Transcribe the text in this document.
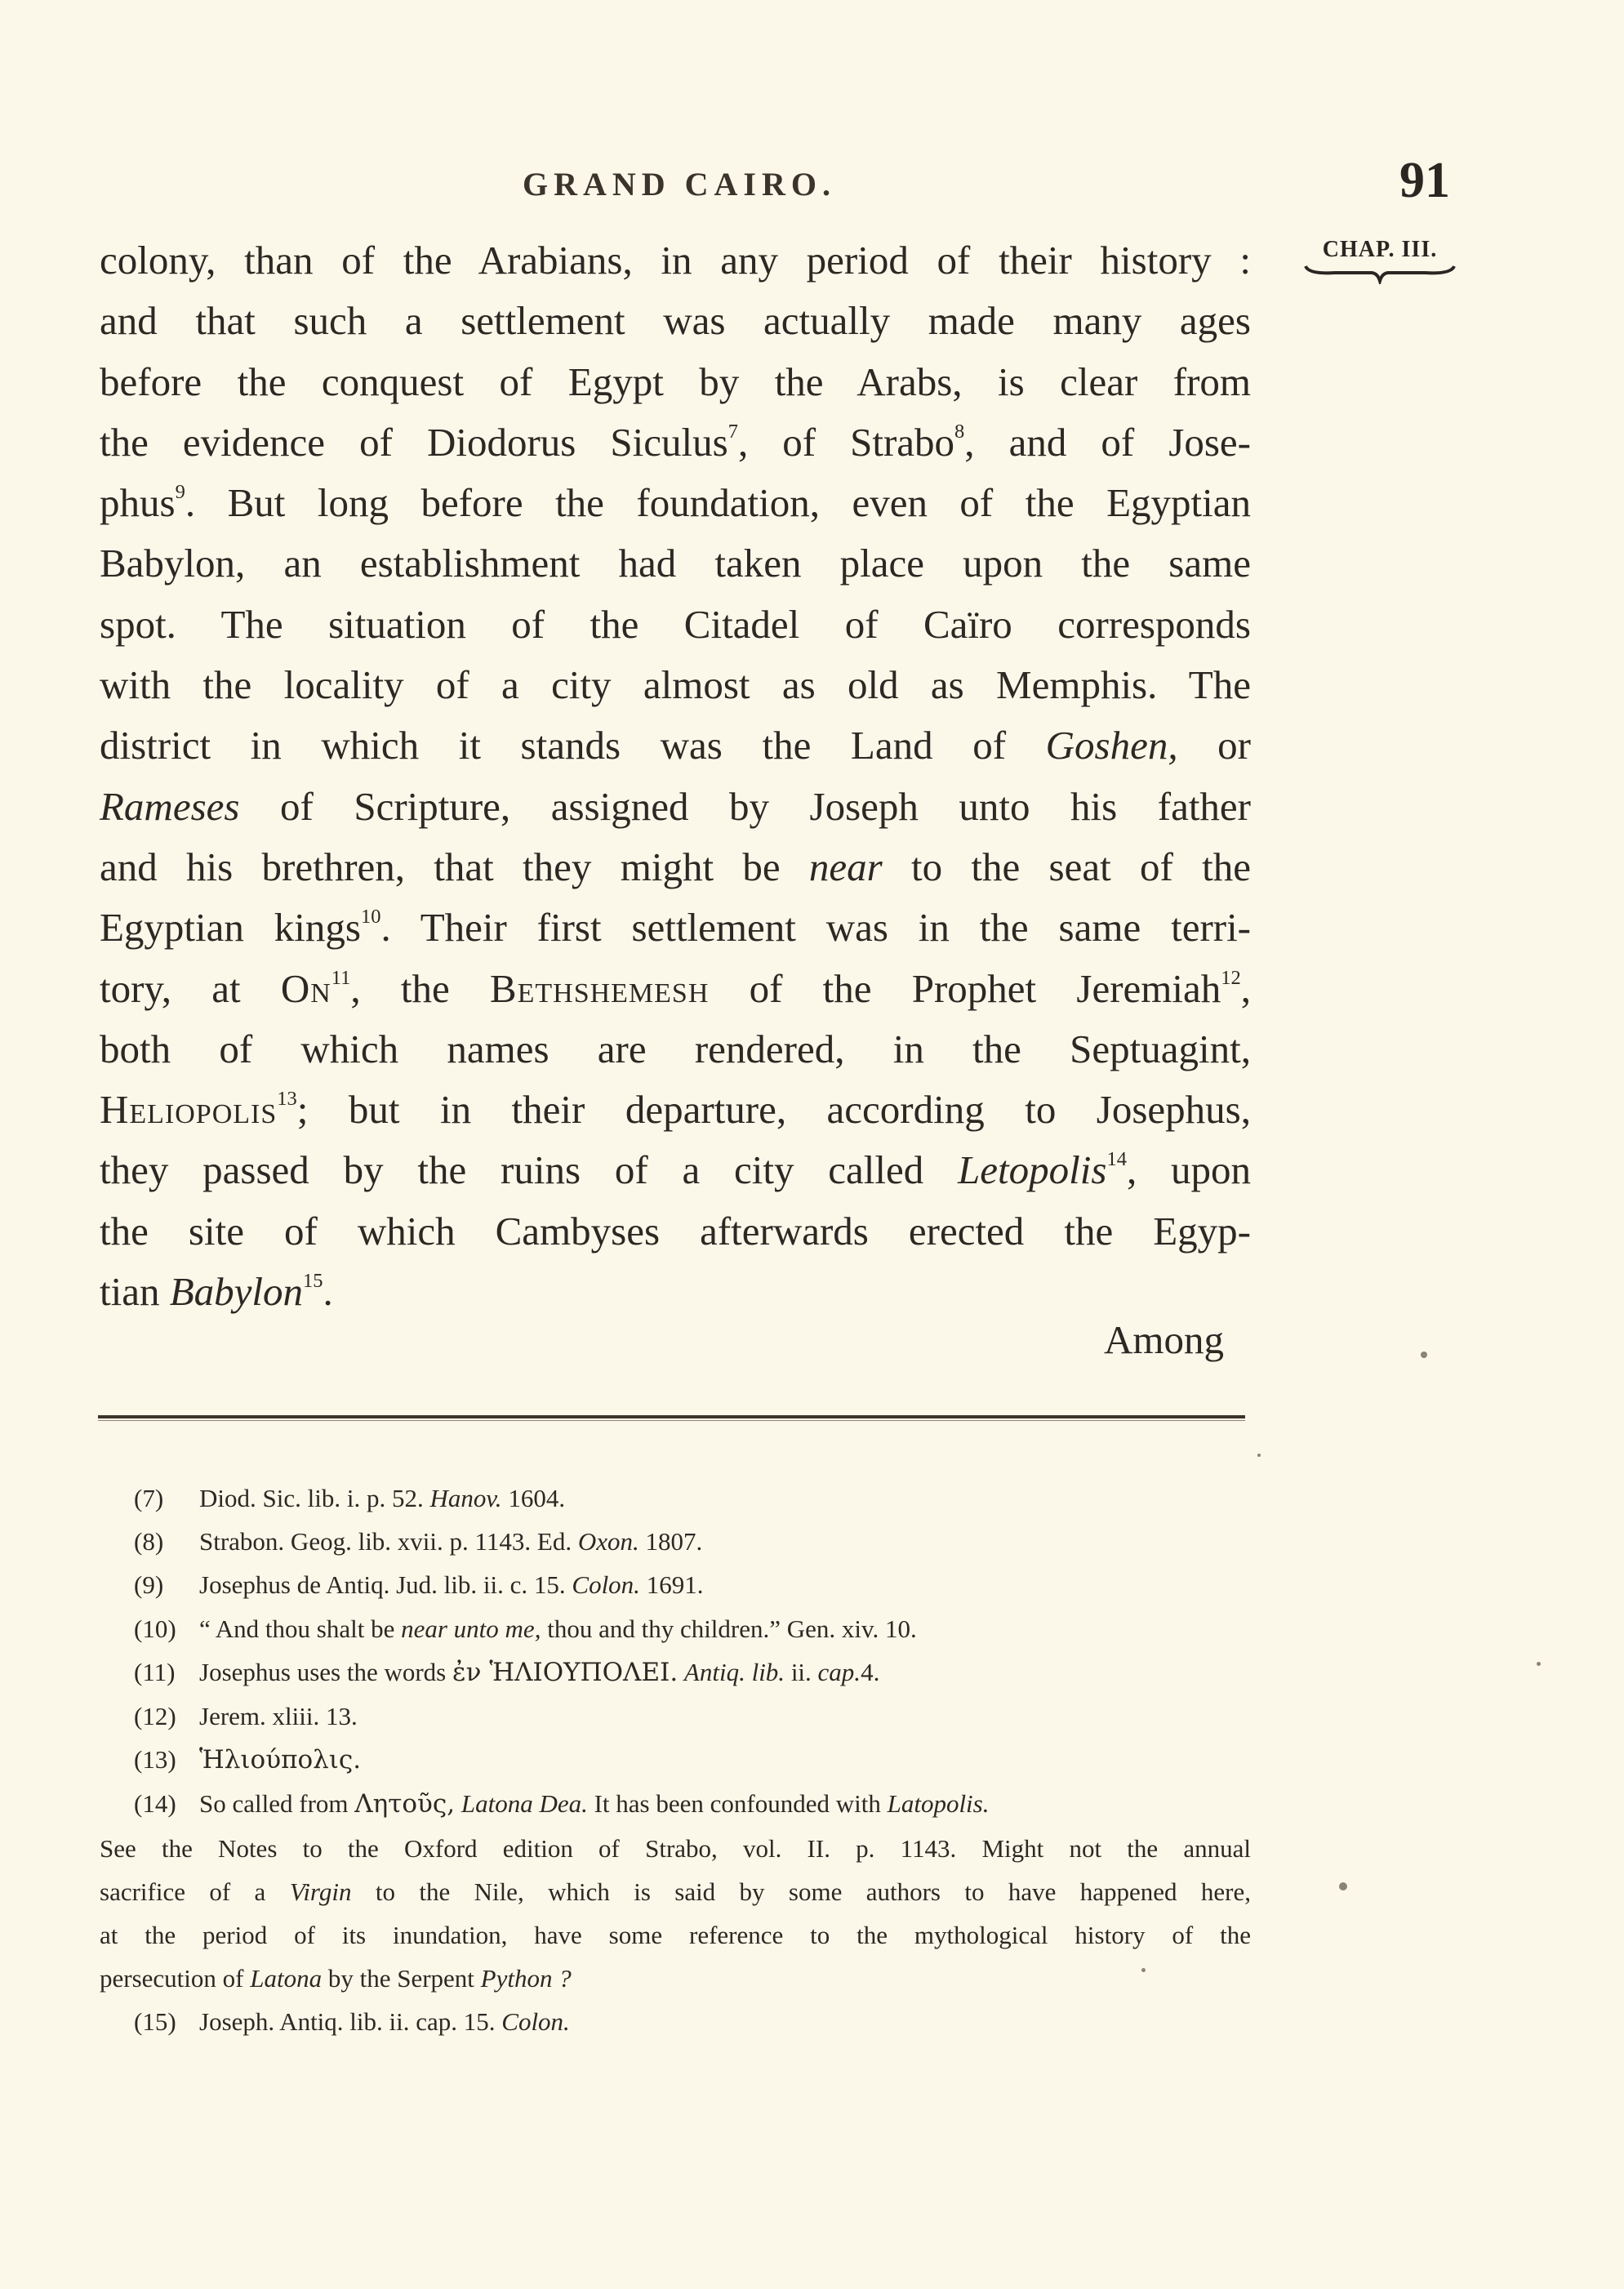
GRAND CAIRO.	91
CHAP. III.
colony, than of the Arabians, in any period of their history :
and that such a settlement was actually made many ages
before the conquest of Egypt by the Arabs, is clear from
the evidence of Diodorus Siculus$^7$, of Strabo$^8$, and of Jose-
phus$^9$. But long before the foundation, even of the Egyptian
Babylon, an establishment had taken place upon the same
spot. The situation of the Citadel of Caïro corresponds
with the locality of a city almost as old as Memphis. The
district in which it stands was the Land of Goshen, or
Rameses of Scripture, assigned by Joseph unto his father
and his brethren, that they might be near to the seat of the
Egyptian kings$^{10}$. Their first settlement was in the same terri-
tory, at On$^{11}$, the Bethshemesh of the Prophet Jeremiah$^{12}$,
both of which names are rendered, in the Septuagint,
Heliopolis$^{13}$; but in their departure, according to Josephus,
they passed by the ruins of a city called Letopolis$^{14}$, upon
the site of which Cambyses afterwards erected the Egyp-
tian Babylon$^{15}$.
Among
(7) Diod. Sic. lib. i. p. 52. Hanov. 1604.
(8) Strabon. Geog. lib. xvii. p. 1143. Ed. Oxon. 1807.
(9) Josephus de Antiq. Jud. lib. ii. c. 15. Colon. 1691.
(10) “ And thou shalt be near unto me, thou and thy children.” Gen. xiv. 10.
(11) Josephus uses the words ἐν ἩΛΙΟΥΠΟΛΕΙ. Antiq. lib. ii. cap.4.
(12) Jerem. xliii. 13.
(13) Ἡλιούπολις.
(14) So called from Λητοῦς, Latona Dea. It has been confounded with Latopolis.
See the Notes to the Oxford edition of Strabo, vol. II. p. 1143. Might not the annual
sacrifice of a Virgin to the Nile, which is said by some authors to have happened here,
at the period of its inundation, have some reference to the mythological history of the
persecution of Latona by the Serpent Python ?
(15) Joseph. Antiq. lib. ii. cap. 15. Colon.
